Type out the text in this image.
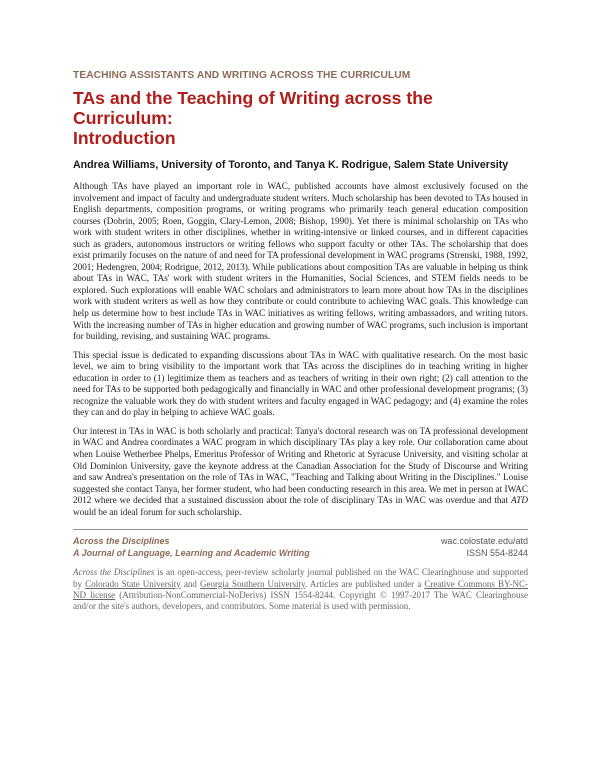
TEACHING ASSISTANTS AND WRITING ACROSS THE CURRICULUM
TAs and the Teaching of Writing across the Curriculum:
Introduction
Andrea Williams, University of Toronto, and Tanya K. Rodrigue, Salem State University

Although TAs have played an important role in WAC, published accounts have almost exclusively focused on the involvement and impact of faculty and undergraduate student writers. Much scholarship has been devoted to TAs housed in English departments, composition programs, or writing programs who primarily teach general education composition courses (Dobrin, 2005; Roen, Goggin, Clary-Lemon, 2008; Bishop, 1990). Yet there is minimal scholarship on TAs who work with student writers in other disciplines, whether in writing-intensive or linked courses, and in different capacities such as graders, autonomous instructors or writing fellows who support faculty or other TAs. The scholarship that does exist primarily focuses on the nature of and need for TA professional development in WAC programs (Strenski, 1988, 1992, 2001; Hedengren, 2004; Rodrigue, 2012, 2013). While publications about composition TAs are valuable in helping us think about TAs in WAC, TAs' work with student writers in the Humanities, Social Sciences, and STEM fields needs to be explored. Such explorations will enable WAC scholars and administrators to learn more about how TAs in the disciplines work with student writers as well as how they contribute or could contribute to achieving WAC goals. This knowledge can help us determine how to best include TAs in WAC initiatives as writing fellows, writing ambassadors, and writing tutors. With the increasing number of TAs in higher education and growing number of WAC programs, such inclusion is important for building, revising, and sustaining WAC programs.

This special issue is dedicated to expanding discussions about TAs in WAC with qualitative research. On the most basic level, we aim to bring visibility to the important work that TAs across the disciplines do in teaching writing in higher education in order to (1) legitimize them as teachers and as teachers of writing in their own right; (2) call attention to the need for TAs to be supported both pedagogically and financially in WAC and other professional development programs; (3) recognize the valuable work they do with student writers and faculty engaged in WAC pedagogy; and (4) examine the roles they can and do play in helping to achieve WAC goals.

Our interest in TAs in WAC is both scholarly and practical: Tanya's doctoral research was on TA professional development in WAC and Andrea coordinates a WAC program in which disciplinary TAs play a key role. Our collaboration came about when Louise Wetherbee Phelps, Emeritus Professor of Writing and Rhetoric at Syracuse University, and visiting scholar at Old Dominion University, gave the keynote address at the Canadian Association for the Study of Discourse and Writing and saw Andrea's presentation on the role of TAs in WAC, "Teaching and Talking about Writing in the Disciplines." Louise suggested she contact Tanya, her former student, who had been conducting research in this area. We met in person at IWAC 2012 where we decided that a sustained discussion about the role of disciplinary TAs in WAC was overdue and that ATD would be an ideal forum for such scholarship.

Across the Disciplines
A Journal of Language, Learning and Academic Writing
wac.colostate.edu/atd
ISSN 554-8244
Across the Disciplines is an open-access, peer-review scholarly journal published on the WAC Clearinghouse and supported by Colorado State University and Georgia Southern University. Articles are published under a Creative Commons BY-NC-ND license (Attribution-NonCommercial-NoDerivs) ISSN 1554-8244. Copyright © 1997-2017 The WAC Clearinghouse and/or the site's authors, developers, and contributors. Some material is used with permission.
